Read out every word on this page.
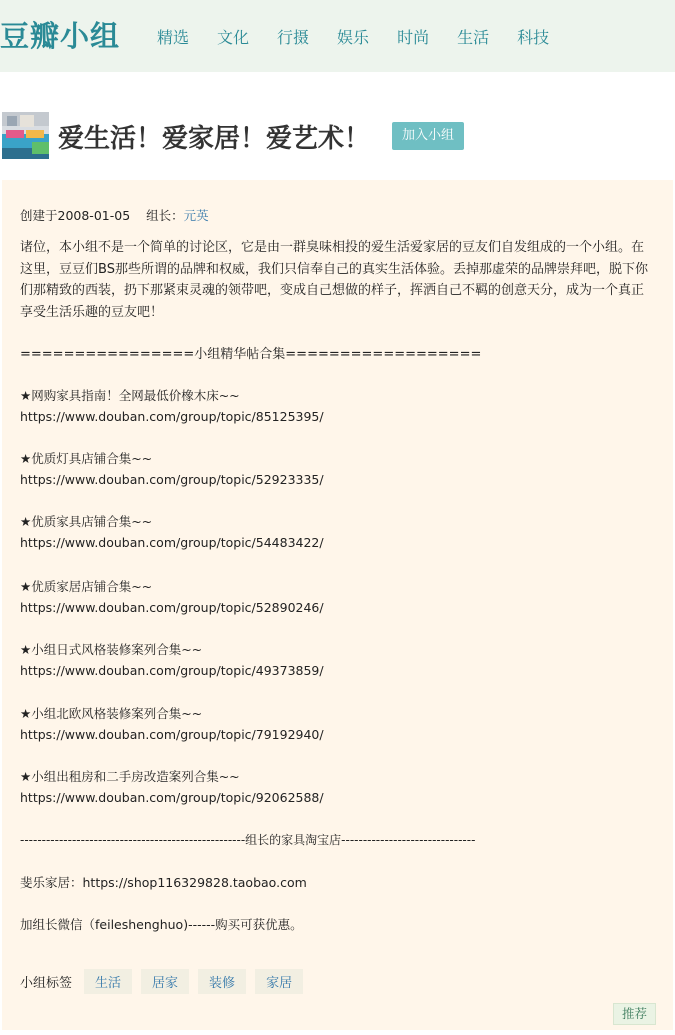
豆瓣小组 精选 文化 行摄 娱乐 时尚 生活 科技
爱生活！爱家居！爱艺术！	加入小组
创建于2008-01-05 组长：元英
诸位，本小组不是一个简单的讨论区，它是由一群臭味相投的爱生活爱家居的豆友们自发组成的一个小组。在这里，豆豆们BS那些所谓的品牌和权威，我们只信奉自己的真实生活体验。丢掉那虚荣的品牌崇拜吧，脱下你们那精致的西装，扔下那紧束灵魂的领带吧，变成自己想做的样子，挥洒自己不羁的创意天分，成为一个真正享受生活乐趣的豆友吧！
================小组精华帖合集==================
★网购家具指南！全网最低价橡木床~~
https://www.douban.com/group/topic/85125395/
★优质灯具店铺合集~~
https://www.douban.com/group/topic/52923335/
★优质家具店铺合集~~
https://www.douban.com/group/topic/54483422/
★优质家居店铺合集~~
https://www.douban.com/group/topic/52890246/
★小组日式风格装修案列合集~~
https://www.douban.com/group/topic/49373859/
★小组北欧风格装修案列合集~~
https://www.douban.com/group/topic/79192940/
★小组出租房和二手房改造案列合集~~
https://www.douban.com/group/topic/92062588/
----------------------------------------------------组长的家具淘宝店-------------------------------
斐乐家居：https://shop116329828.taobao.com
加组长微信（feileshenghuo)------购买可获优惠。
小组标签	生活	居家	装修	家居
推荐
